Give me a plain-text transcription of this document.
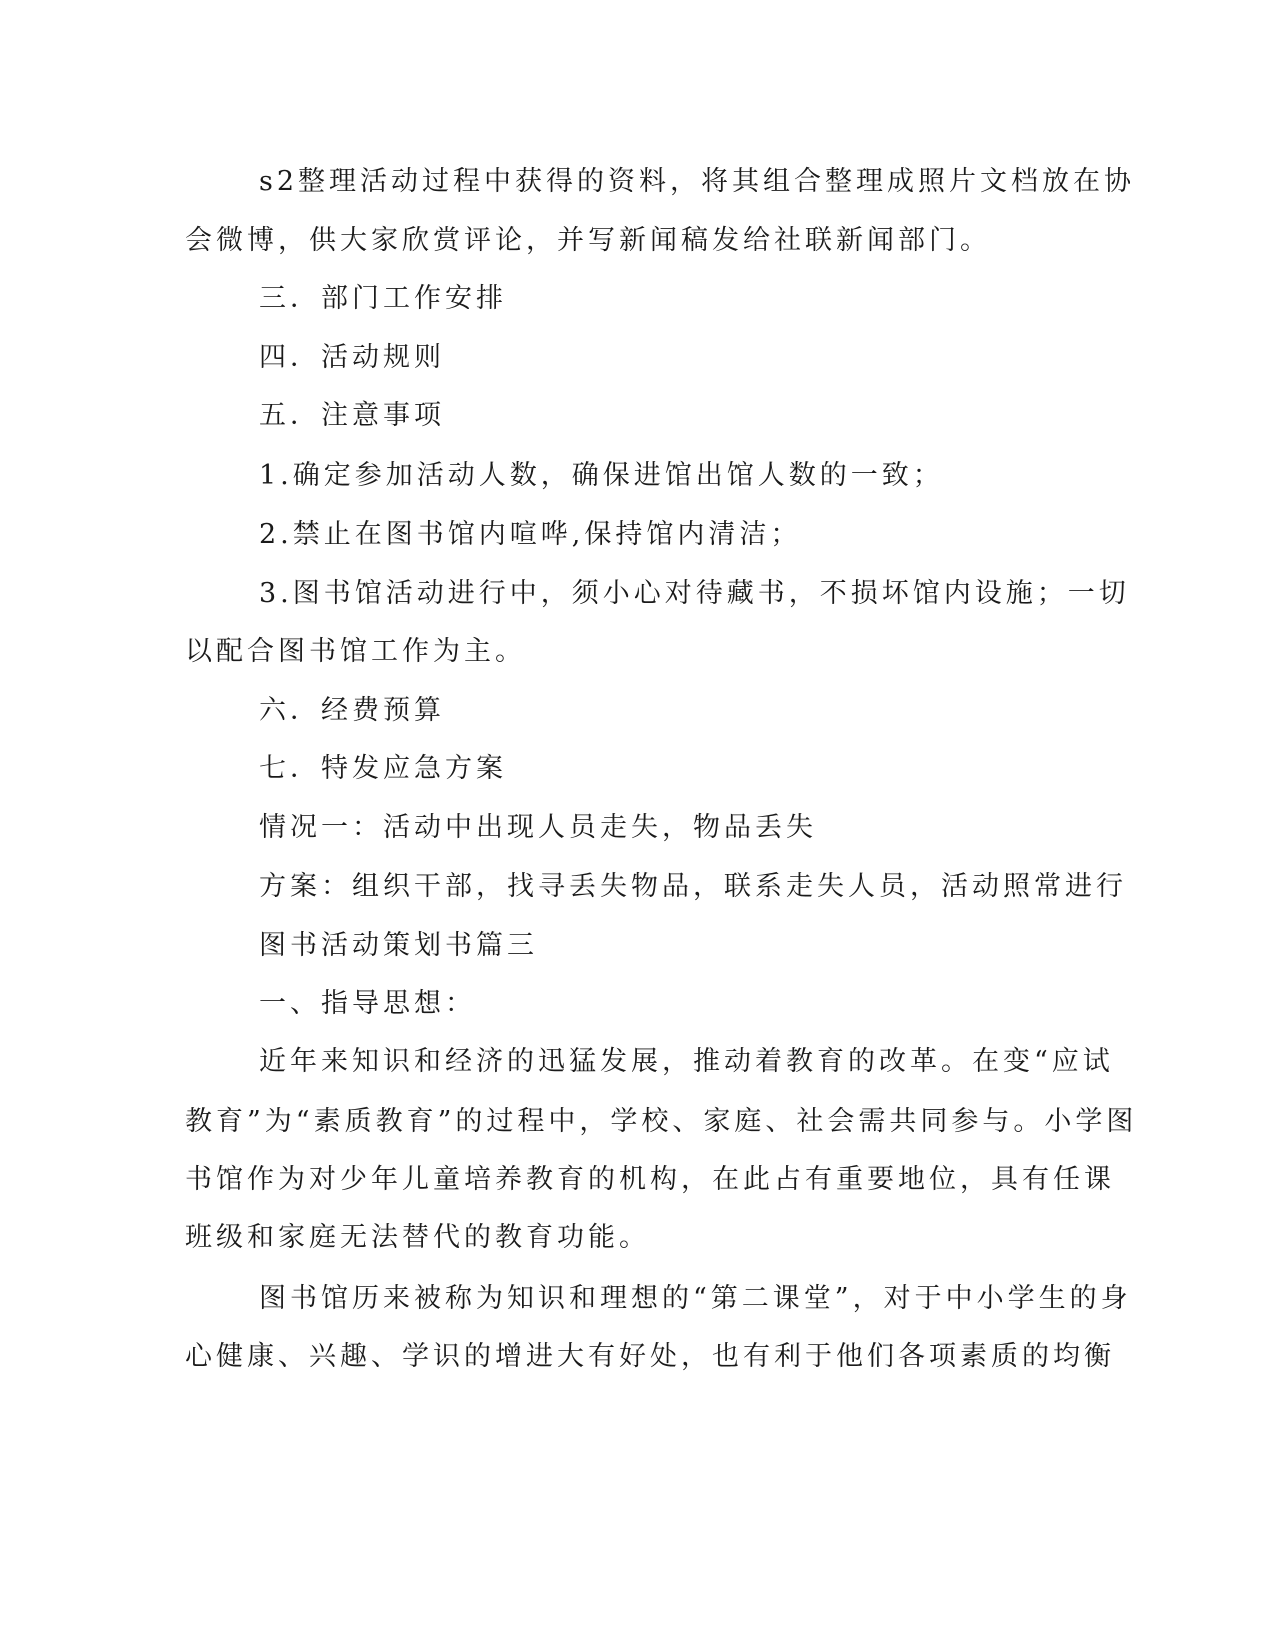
s2整理活动过程中获得的资料，将其组合整理成照片文档放在协

会微博，供大家欣赏评论，并写新闻稿发给社联新闻部门。

三．部门工作安排

四．活动规则

五．注意事项

1.确定参加活动人数，确保进馆出馆人数的一致；

2.禁止在图书馆内喧哗,保持馆内清洁；

3.图书馆活动进行中，须小心对待藏书，不损坏馆内设施；一切

以配合图书馆工作为主。

六．经费预算

七．特发应急方案

情况一：活动中出现人员走失，物品丢失

方案：组织干部，找寻丢失物品，联系走失人员，活动照常进行

图书活动策划书篇三

一、指导思想：

近年来知识和经济的迅猛发展，推动着教育的改革。在变“应试

教育”为“素质教育”的过程中，学校、家庭、社会需共同参与。小学图

书馆作为对少年儿童培养教育的机构，在此占有重要地位，具有任课

班级和家庭无法替代的教育功能。

图书馆历来被称为知识和理想的“第二课堂”，对于中小学生的身

心健康、兴趣、学识的增进大有好处，也有利于他们各项素质的均衡
